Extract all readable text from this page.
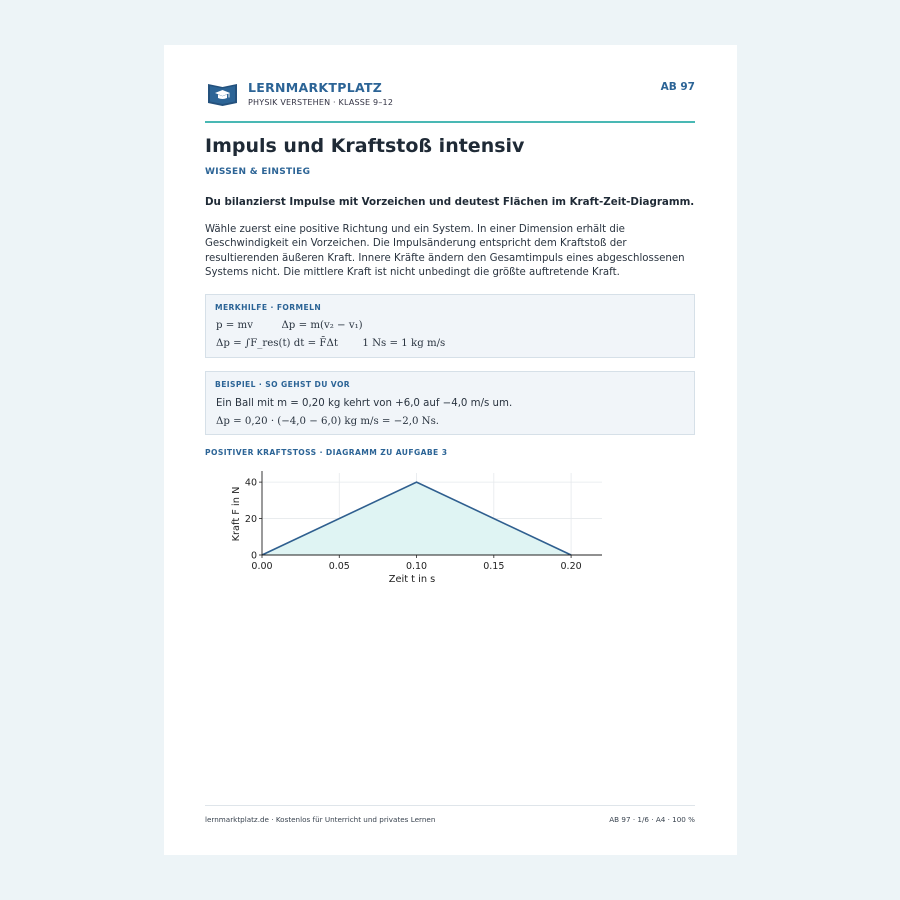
LERNMARKTPLATZ
PHYSIK VERSTEHEN · KLASSE 9–12
AB 97
Impuls und Kraftstoß intensiv
WISSEN & EINSTIEG
Du bilanzierst Impulse mit Vorzeichen und deutest Flächen im Kraft-Zeit-Diagramm.

Wähle zuerst eine positive Richtung und ein System. In einer Dimension erhält die Geschwindigkeit ein Vorzeichen. Die Impulsänderung entspricht dem Kraftstoß der resultierenden äußeren Kraft. Innere Kräfte ändern den Gesamtimpuls eines abgeschlossenen Systems nicht. Die mittlere Kraft ist nicht unbedingt die größte auftretende Kraft.

MERKHILFE · FORMELN
p = mv	Δp = m(v₂ − v₁)
Δp = ∫F_res(t) dt = F̄Δt 1 Ns = 1 kg m/s
BEISPIEL · SO GEHST DU VOR
Ein Ball mit m = 0,20 kg kehrt von +6,0 auf −4,0 m/s um.
Δp = 0,20 · (−4,0 − 6,0) kg m/s = −2,0 Ns.
POSITIVER KRAFTSTOSS · DIAGRAMM ZU AUFGABE 3
0.00	0.05	0.10	0.15	0.20
0
20
40
Zeit t in s
Kraft F in N
lernmarktplatz.de · Kostenlos für Unterricht und privates Lernen	AB 97 · 1/6 · A4 · 100 %
